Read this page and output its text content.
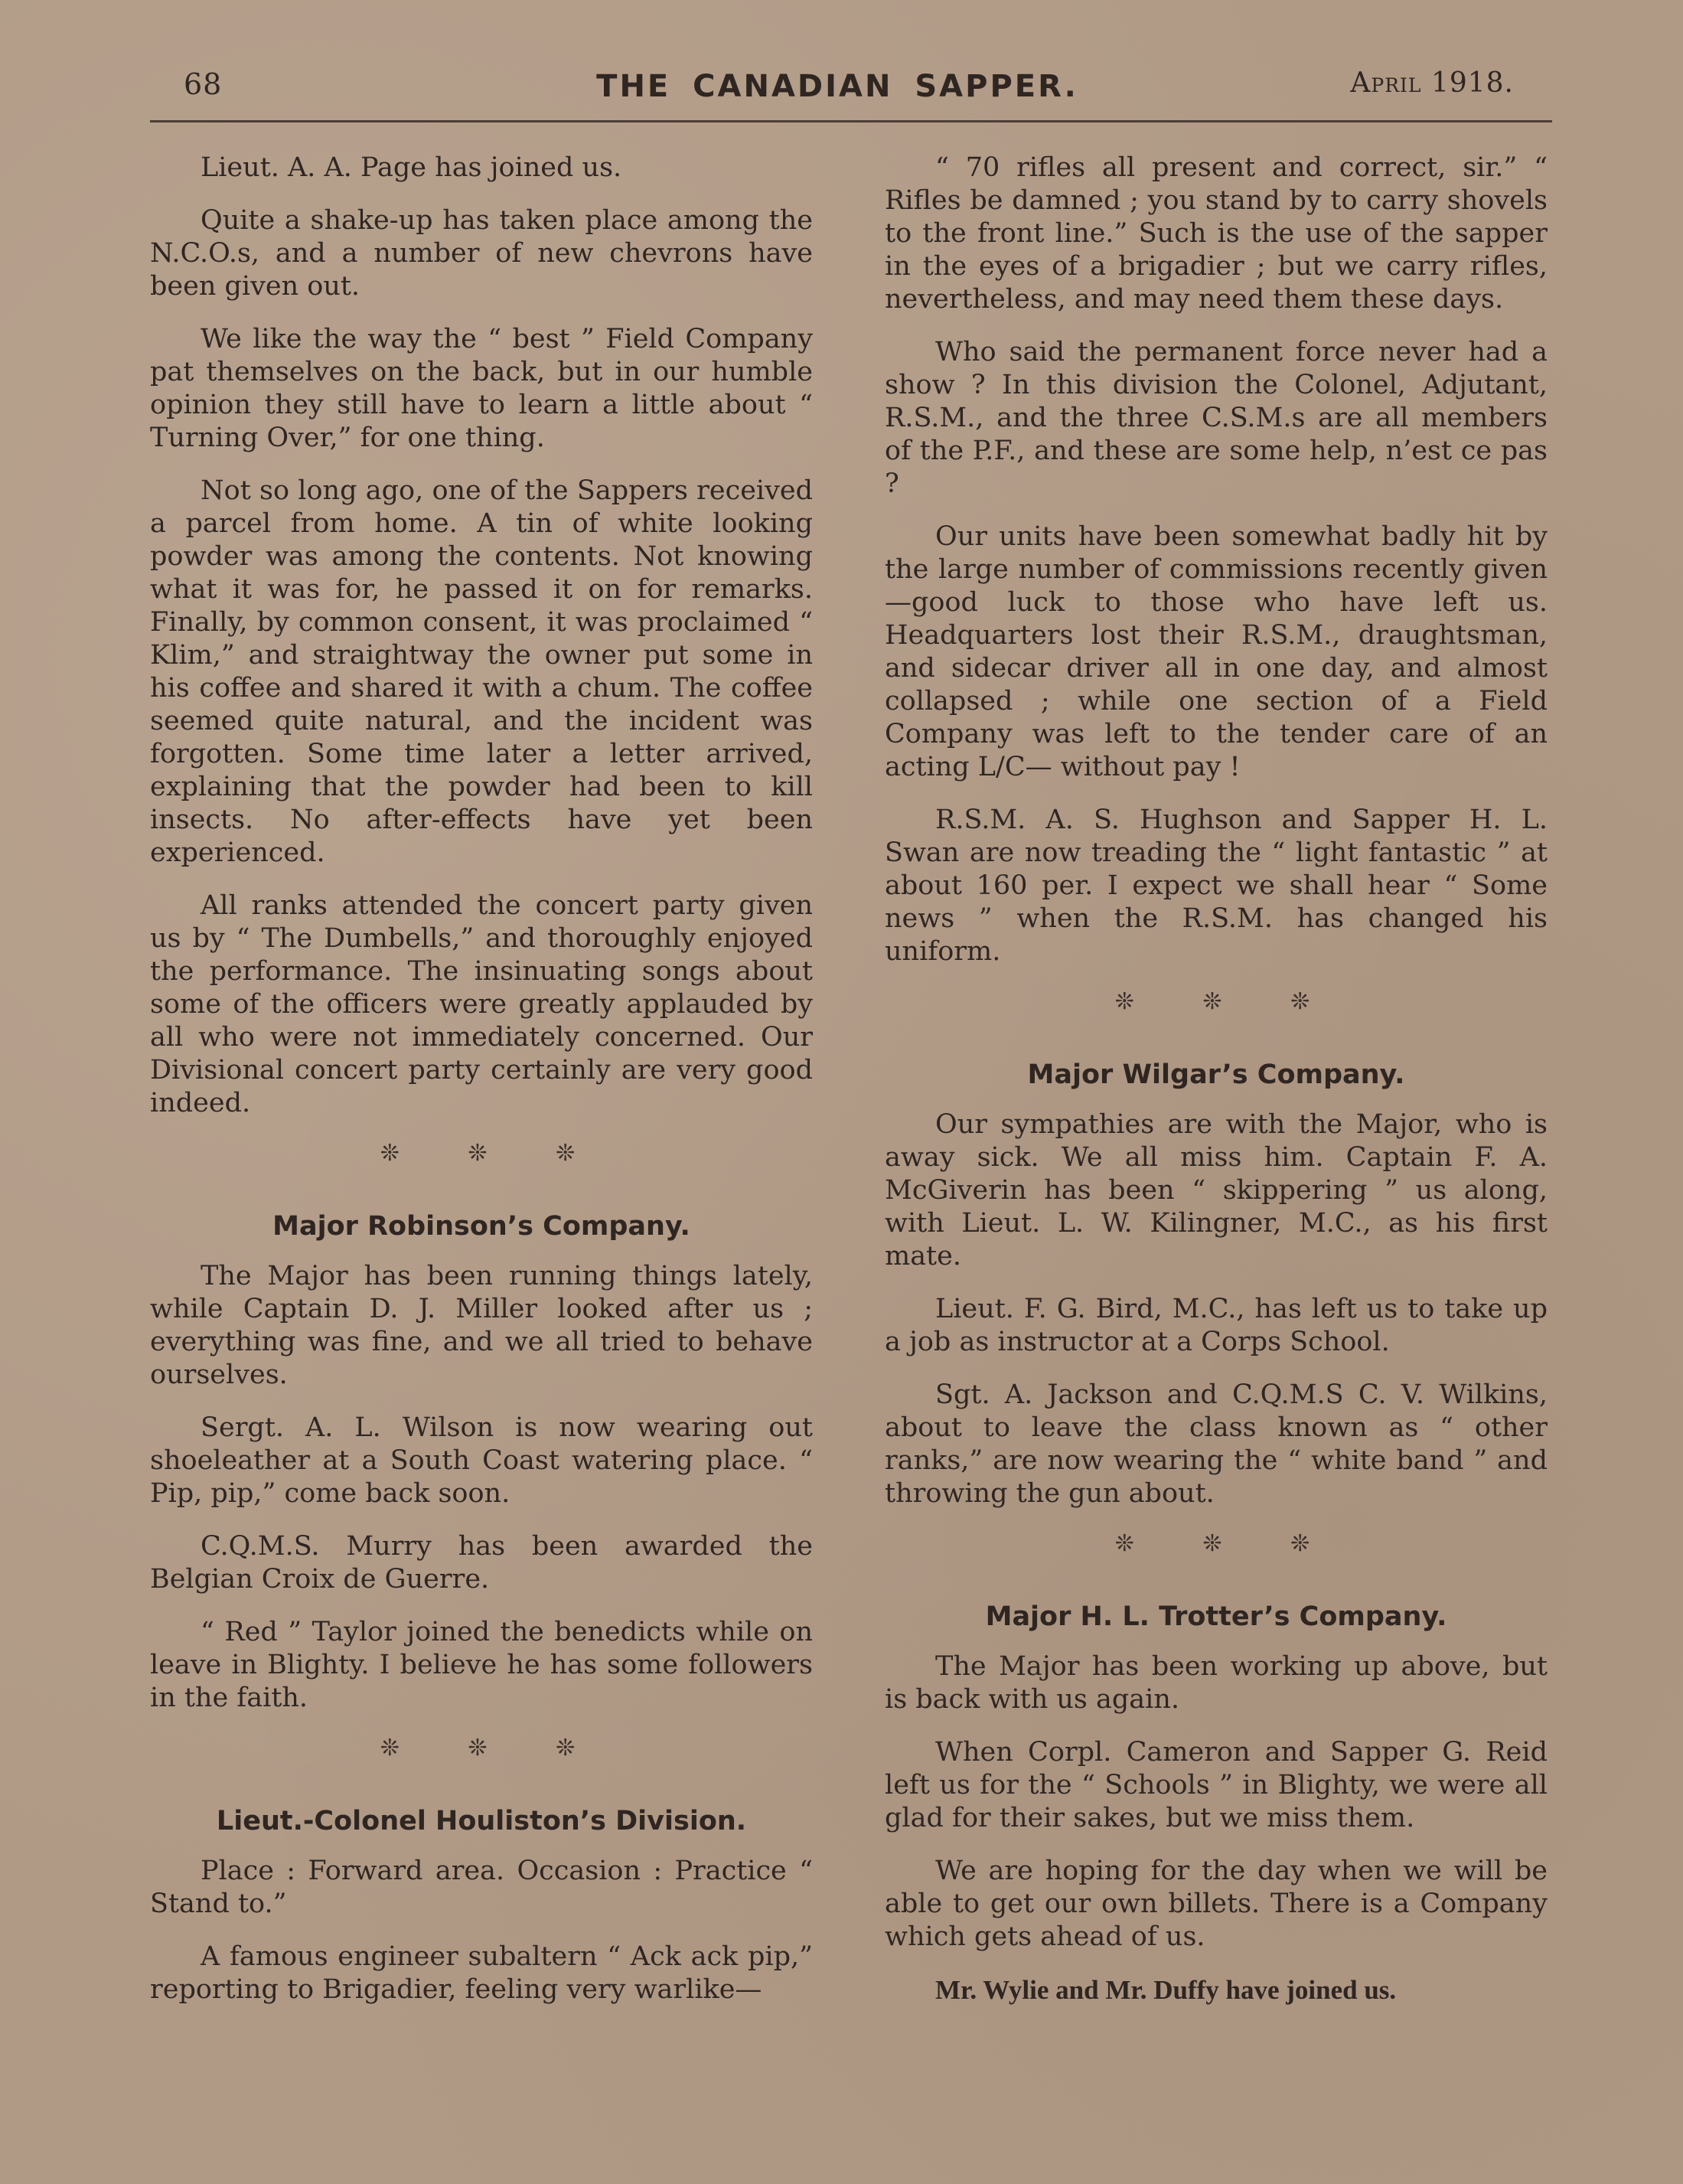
68	THE CANADIAN SAPPER.	April 1918.

Lieut. A. A. Page has joined us.

Quite a shake-up has taken place among the N.C.O.s, and a number of new chevrons have been given out.

We like the way the “ best ” Field Company pat themselves on the back, but in our humble opinion they still have to learn a little about “ Turning Over,” for one thing.

Not so long ago, one of the Sappers received a parcel from home. A tin of white looking powder was among the contents. Not knowing what it was for, he passed it on for remarks. Finally, by common consent, it was proclaimed “ Klim,” and straightway the owner put some in his coffee and shared it with a chum. The coffee seemed quite natural, and the incident was forgotten. Some time later a letter arrived, explaining that the powder had been to kill insects. No after-effects have yet been experienced.

All ranks attended the concert party given us by “ The Dumbells,” and thoroughly enjoyed the performance. The insinuating songs about some of the officers were greatly applauded by all who were not immediately concerned. Our Divisional concert party certainly are very good indeed.

❊ ❊ ❊
Major Robinson’s Company.

The Major has been running things lately, while Captain D. J. Miller looked after us ; everything was fine, and we all tried to behave ourselves.

Sergt. A. L. Wilson is now wearing out shoeleather at a South Coast watering place. “ Pip, pip,” come back soon.

C.Q.M.S. Murry has been awarded the Belgian Croix de Guerre.

“ Red ” Taylor joined the benedicts while on leave in Blighty. I believe he has some followers in the faith.

❊ ❊ ❊
Lieut.-Colonel Houliston’s Division.

Place : Forward area. Occasion : Practice “ Stand to.”

A famous engineer subaltern “ Ack ack pip,” reporting to Brigadier, feeling very warlike—

“ 70 rifles all present and correct, sir.” “ Rifles be damned ; you stand by to carry shovels to the front line.” Such is the use of the sapper in the eyes of a brigadier ; but we carry rifles, nevertheless, and may need them these days.

Who said the permanent force never had a show ? In this division the Colonel, Adjutant, R.S.M., and the three C.S.M.s are all members of the P.F., and these are some help, n’est ce pas ?

Our units have been somewhat badly hit by the large number of commissions recently given —good luck to those who have left us. Headquarters lost their R.S.M., draughtsman, and sidecar driver all in one day, and almost collapsed ; while one section of a Field Company was left to the tender care of an acting L/C— without pay !

R.S.M. A. S. Hughson and Sapper H. L. Swan are now treading the “ light fantastic ” at about 160 per. I expect we shall hear “ Some news ” when the R.S.M. has changed his uniform.

❊ ❊ ❊
Major Wilgar’s Company.

Our sympathies are with the Major, who is away sick. We all miss him. Captain F. A. McGiverin has been “ skippering ” us along, with Lieut. L. W. Kilingner, M.C., as his first mate.

Lieut. F. G. Bird, M.C., has left us to take up a job as instructor at a Corps School.

Sgt. A. Jackson and C.Q.M.S C. V. Wilkins, about to leave the class known as “ other ranks,” are now wearing the “ white band ” and throwing the gun about.

❊ ❊ ❊
Major H. L. Trotter’s Company.

The Major has been working up above, but is back with us again.

When Corpl. Cameron and Sapper G. Reid left us for the “ Schools ” in Blighty, we were all glad for their sakes, but we miss them.

We are hoping for the day when we will be able to get our own billets. There is a Company which gets ahead of us.

Mr. Wylie and Mr. Duffy have joined us.
